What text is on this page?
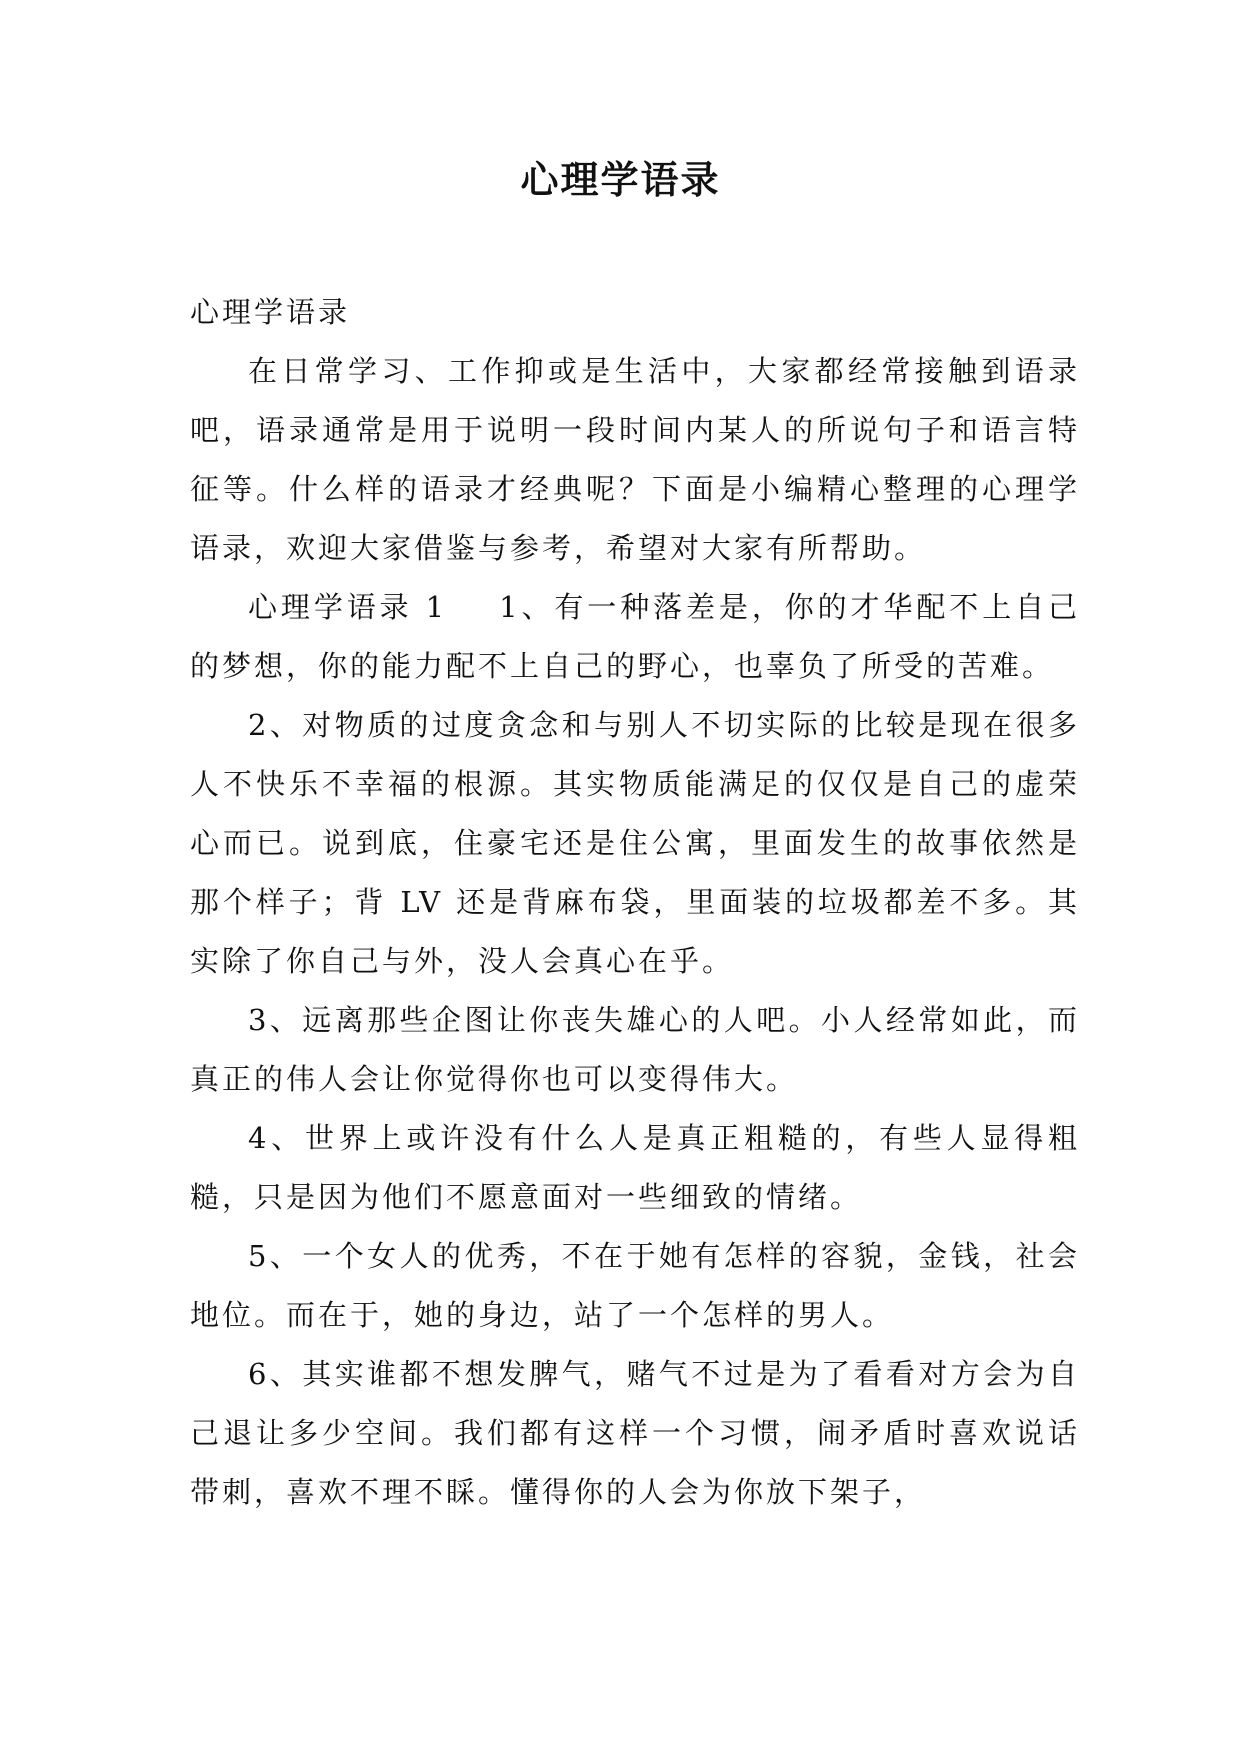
心理学语录

心理学语录

在日常学习、工作抑或是生活中，大家都经常接触到语录吧，语录通常是用于说明一段时间内某人的所说句子和语言特征等。什么样的语录才经典呢？下面是小编精心整理的心理学语录，欢迎大家借鉴与参考，希望对大家有所帮助。

心理学语录 1 1、有一种落差是，你的才华配不上自己的梦想，你的能力配不上自己的野心，也辜负了所受的苦难。

2、对物质的过度贪念和与别人不切实际的比较是现在很多人不快乐不幸福的根源。其实物质能满足的仅仅是自己的虚荣心而已。说到底，住豪宅还是住公寓，里面发生的故事依然是那个样子；背 LV 还是背麻布袋，里面装的垃圾都差不多。其实除了你自己与外，没人会真心在乎。

3、远离那些企图让你丧失雄心的人吧。小人经常如此，而真正的伟人会让你觉得你也可以变得伟大。

4、世界上或许没有什么人是真正粗糙的，有些人显得粗糙，只是因为他们不愿意面对一些细致的情绪。

5、一个女人的优秀，不在于她有怎样的容貌，金钱，社会地位。而在于，她的身边，站了一个怎样的男人。

6、其实谁都不想发脾气，赌气不过是为了看看对方会为自己退让多少空间。我们都有这样一个习惯，闹矛盾时喜欢说话带刺，喜欢不理不睬。懂得你的人会为你放下架子，
